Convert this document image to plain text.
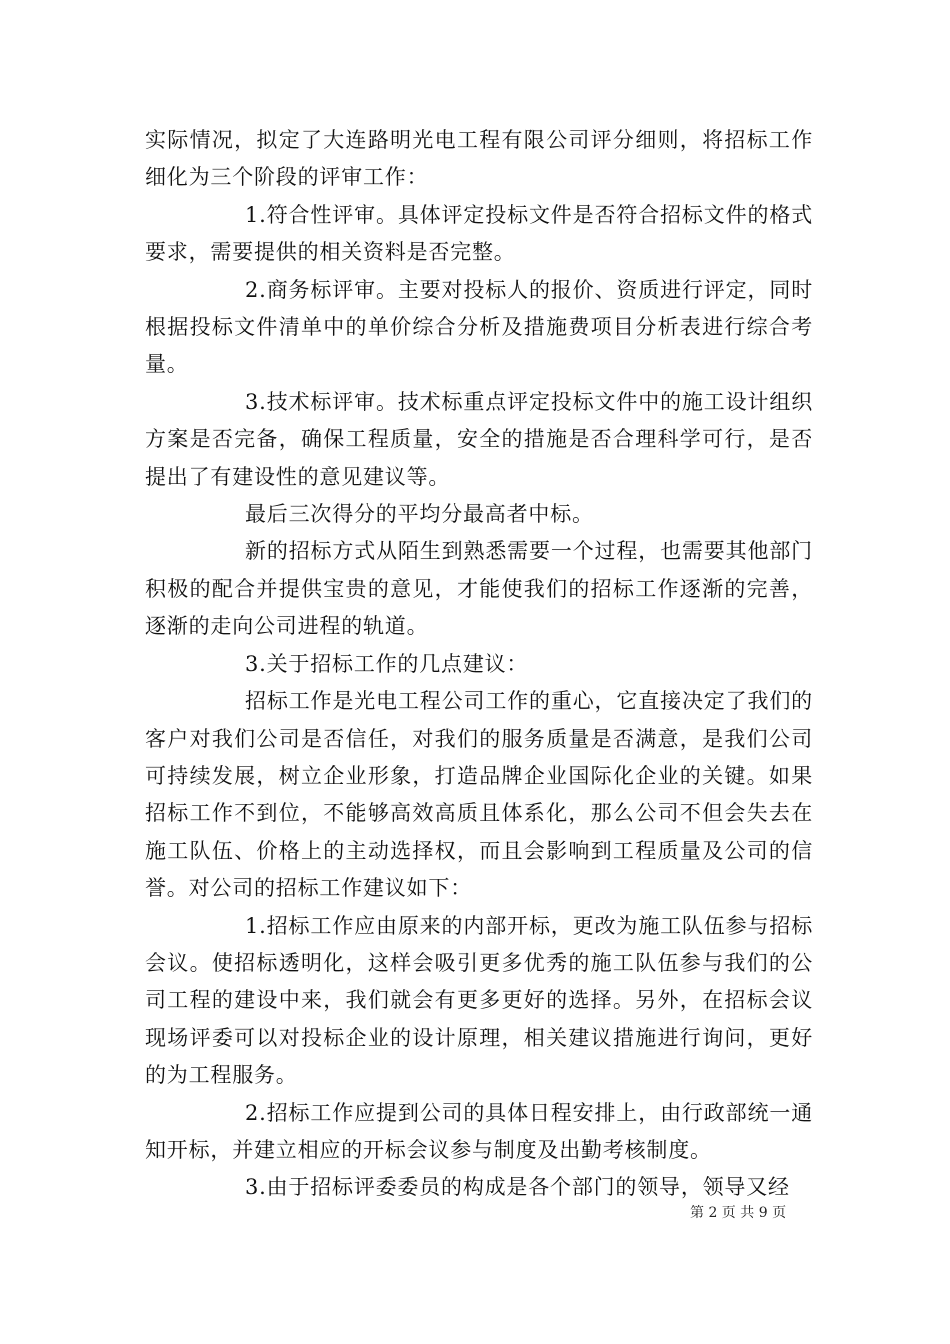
实际情况，拟定了大连路明光电工程有限公司评分细则，将招标工作细化为三个阶段的评审工作：

1.符合性评审。具体评定投标文件是否符合招标文件的格式要求，需要提供的相关资料是否完整。

2.商务标评审。主要对投标人的报价、资质进行评定，同时根据投标文件清单中的单价综合分析及措施费项目分析表进行综合考量。

3.技术标评审。技术标重点评定投标文件中的施工设计组织方案是否完备，确保工程质量，安全的措施是否合理科学可行，是否提出了有建设性的意见建议等。

最后三次得分的平均分最高者中标。

新的招标方式从陌生到熟悉需要一个过程，也需要其他部门积极的配合并提供宝贵的意见，才能使我们的招标工作逐渐的完善，逐渐的走向公司进程的轨道。

3.关于招标工作的几点建议：

招标工作是光电工程公司工作的重心，它直接决定了我们的客户对我们公司是否信任，对我们的服务质量是否满意，是我们公司可持续发展，树立企业形象，打造品牌企业国际化企业的关键。如果招标工作不到位，不能够高效高质且体系化，那么公司不但会失去在施工队伍、价格上的主动选择权，而且会影响到工程质量及公司的信誉。对公司的招标工作建议如下：

1.招标工作应由原来的内部开标，更改为施工队伍参与招标会议。使招标透明化，这样会吸引更多优秀的施工队伍参与我们的公司工程的建设中来，我们就会有更多更好的选择。另外，在招标会议现场评委可以对投标企业的设计原理，相关建议措施进行询问，更好的为工程服务。

2.招标工作应提到公司的具体日程安排上，由行政部统一通知开标，并建立相应的开标会议参与制度及出勤考核制度。

3.由于招标评委委员的构成是各个部门的领导，领导又经

第 2 页 共 9 页
